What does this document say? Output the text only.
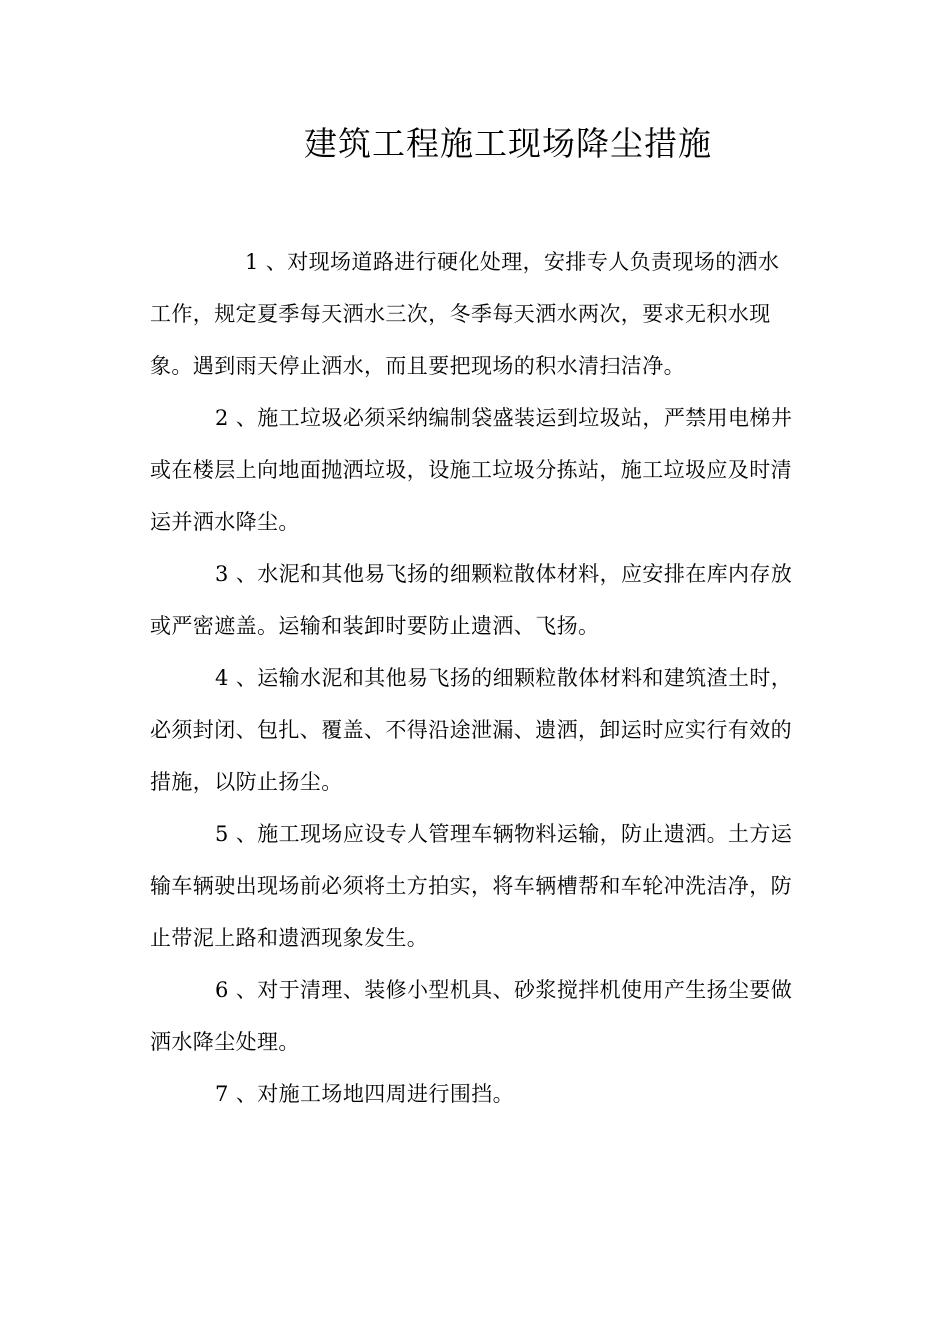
建筑工程施工现场降尘措施

1 、对现场道路进行硬化处理，安排专人负责现场的洒水工作，规定夏季每天洒水三次，冬季每天洒水两次，要求无积水现象。遇到雨天停止洒水，而且要把现场的积水清扫洁净。

2 、施工垃圾必须采纳编制袋盛装运到垃圾站，严禁用电梯井或在楼层上向地面抛洒垃圾，设施工垃圾分拣站，施工垃圾应及时清运并洒水降尘。

3 、水泥和其他易飞扬的细颗粒散体材料，应安排在库内存放或严密遮盖。运输和装卸时要防止遗洒、飞扬。

4 、运输水泥和其他易飞扬的细颗粒散体材料和建筑渣土时，必须封闭、包扎、覆盖、不得沿途泄漏、遗洒，卸运时应实行有效的措施，以防止扬尘。

5 、施工现场应设专人管理车辆物料运输，防止遗洒。土方运输车辆驶出现场前必须将土方拍实，将车辆槽帮和车轮冲洗洁净，防止带泥上路和遗洒现象发生。

6 、对于清理、装修小型机具、砂浆搅拌机使用产生扬尘要做洒水降尘处理。

7 、对施工场地四周进行围挡。
